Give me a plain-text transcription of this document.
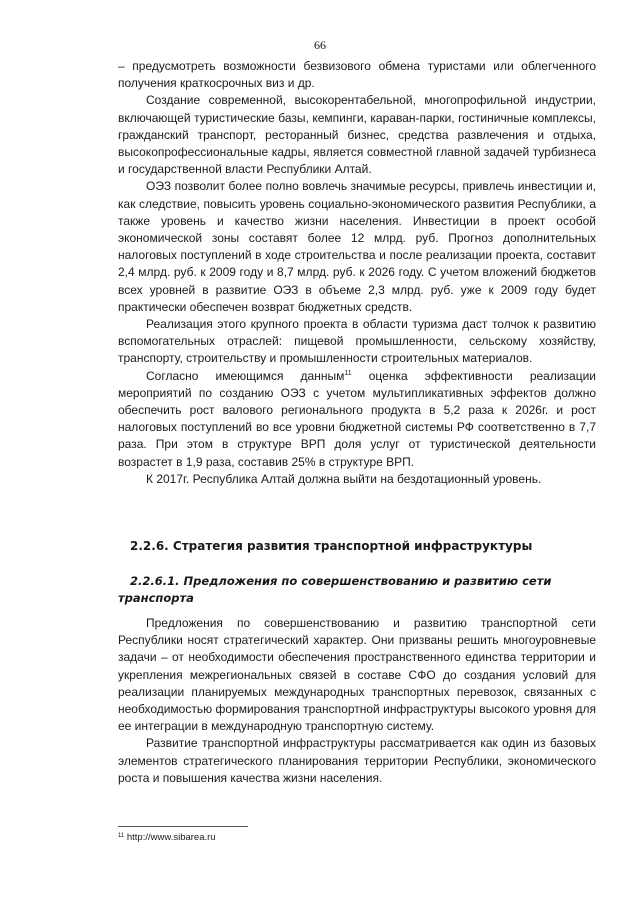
66

– предусмотреть возможности безвизового обмена туристами или облегченного получения краткосрочных виз и др.

Создание современной, высокорентабельной, многопрофильной индустрии, включающей туристические базы, кемпинги, караван-парки, гостиничные комплексы, гражданский транспорт, ресторанный бизнес, средства развлечения и отдыха, высокопрофессиональные кадры, является совместной главной задачей турбизнеса и государственной власти Республики Алтай.

ОЭЗ позволит более полно вовлечь значимые ресурсы, привлечь инвестиции и, как следствие, повысить уровень социально-экономического развития Республики, а также уровень и качество жизни населения. Инвестиции в проект особой экономической зоны составят более 12 млрд. руб. Прогноз дополнительных налоговых поступлений в ходе строительства и после реализации проекта, составит 2,4 млрд. руб. к 2009 году и 8,7 млрд. руб. к 2026 году. С учетом вложений бюджетов всех уровней в развитие ОЭЗ в объеме 2,3 млрд. руб. уже к 2009 году будет практически обеспечен возврат бюджетных средств.

Реализация этого крупного проекта в области туризма даст толчок к развитию вспомогательных отраслей: пищевой промышленности, сельскому хозяйству, транспорту, строительству и промышленности строительных материалов.

Согласно имеющимся данным$^{11}$ оценка эффективности реализации мероприятий по созданию ОЭЗ с учетом мультипликативных эффектов должно обеспечить рост валового регионального продукта в 5,2 раза к 2026г. и рост налоговых поступлений во все уровни бюджетной системы РФ соответственно в 7,7 раза. При этом в структуре ВРП доля услуг от туристической деятельности возрастет в 1,9 раза, составив 25% в структуре ВРП.

К 2017г. Республика Алтай должна выйти на бездотационный уровень.

2.2.6. Стратегия развития транспортной инфраструктуры
2.2.6.1. Предложения по совершенствованию и развитию сети транспорта

Предложения по совершенствованию и развитию транспортной сети Республики носят стратегический характер. Они призваны решить многоуровневые задачи – от необходимости обеспечения пространственного единства территории и укрепления межрегиональных связей в составе СФО до создания условий для реализации планируемых международных транспортных перевозок, связанных с необходимостью формирования транспортной инфраструктуры высокого уровня для ее интеграции в международную транспортную систему.

Развитие транспортной инфраструктуры рассматривается как один из базовых элементов стратегического планирования территории Республики, экономического роста и повышения качества жизни населения.

$^{11}$ http://www.sibarea.ru
